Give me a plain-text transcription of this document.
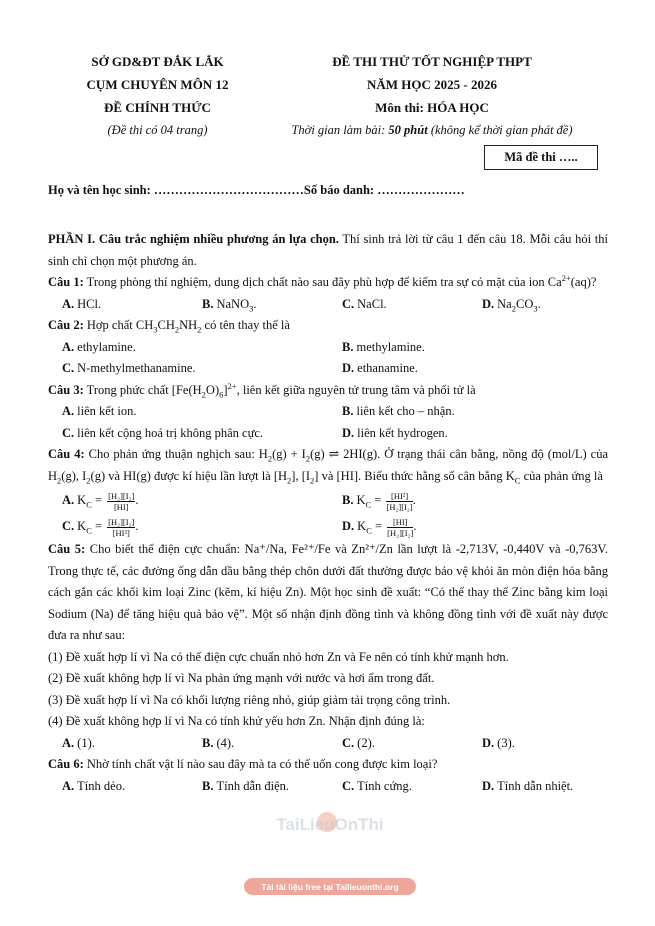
SỞ GD&ĐT ĐẮK LẮK
CỤM CHUYÊN MÔN 12
ĐỀ CHÍNH THỨC
(Đề thi có 04 trang)
ĐỀ THI THỬ TỐT NGHIỆP THPT
NĂM HỌC 2025 - 2026
Môn thi: HÓA HỌC
Thời gian làm bài: 50 phút (không kể thời gian phát đề)
Mã đề thi …..
Họ và tên học sinh: ………………………………Số báo danh: …………………

PHẦN I. Câu trắc nghiệm nhiều phương án lựa chọn. Thí sinh trả lời từ câu 1 đến câu 18. Mỗi câu hỏi thí sinh chỉ chọn một phương án.

Câu 1: Trong phòng thí nghiệm, dung dịch chất nào sau đây phù hợp để kiểm tra sự có mặt của ion $Ca^{2+}(aq)$?

A. HCl.	B. NaNO$_3$.	C. NaCl.	D. $Na_2CO_3$.

Câu 2: Hợp chất $CH_3CH_2NH_2$ có tên thay thế là

A. ethylamine.	B. methylamine.
C. N-methylmethanamine.	D. ethanamine.

Câu 3: Trong phức chất $[Fe(H_2O)_6]^{2+}$, liên kết giữa nguyên tử trung tâm và phối tử là

A. liên kết ion.	B. liên kết cho – nhận.
C. liên kết cộng hoá trị không phân cực.	D. liên kết hydrogen.

Câu 4: Cho phản ứng thuận nghịch sau: $H_2(g) + I_2(g)$ ⇌ 2HI(g). Ở trạng thái cân bằng, nồng độ (mol/L) của $H_2(g)$, $I_2(g)$ và HI(g) được kí hiệu lần lượt là $[H_2]$, $[I_2]$ và [HI]. Biểu thức hằng số cân bằng $K_C$ của phản ứng là

A. $K_C = \frac{\text{[H₂][I₂]}}{[HI]}$ .	B. $K_C = \frac{\text{[HI²]}}{\text{[H₂][I₂]}}$ .
C. $K_C = \frac{\text{[H₂][I₂]}}{\text{[HI²]}}$ .	D. $K_C = \frac{[HI]}{\text{[H₂][I₂]}}$ .

Câu 5: Cho biết thế điện cực chuẩn: Na⁺/Na, Fe²⁺/Fe và Zn²⁺/Zn lần lượt là -2,713V, -0,440V và -0,763V. Trong thực tế, các đường ống dẫn dầu bằng thép chôn dưới đất thường được bảo vệ khỏi ăn mòn điện hóa bằng cách gắn các khối kim loại Zinc (kẽm, kí hiệu Zn). Một học sinh đề xuất: “Có thể thay thế Zinc bằng kim loại Sodium (Na) để tăng hiệu quả bảo vệ”. Một số nhận định đồng tình và không đồng tình với đề xuất này được đưa ra như sau:

(1) Đề xuất hợp lí vì Na có thế điện cực chuẩn nhỏ hơn Zn và Fe nên có tính khử mạnh hơn.

(2) Đề xuất không hợp lí vì Na phản ứng mạnh với nước và hơi ẩm trong đất.

(3) Đề xuất hợp lí vì Na có khối lượng riêng nhỏ, giúp giảm tải trọng công trình.

(4) Đề xuất không hợp lí vì Na có tính khử yếu hơn Zn. Nhận định đúng là:

A. (1).	B. (4).	C. (2).	D. (3).

Câu 6: Nhờ tính chất vật lí nào sau đây mà ta có thể uốn cong được kim loại?

A. Tính dẻo.	B. Tính dẫn điện.	C. Tính cứng.	D. Tính dẫn nhiệt.
TaiLieuOnThi
Tải tài liệu free tại Tailieuonthi.org
